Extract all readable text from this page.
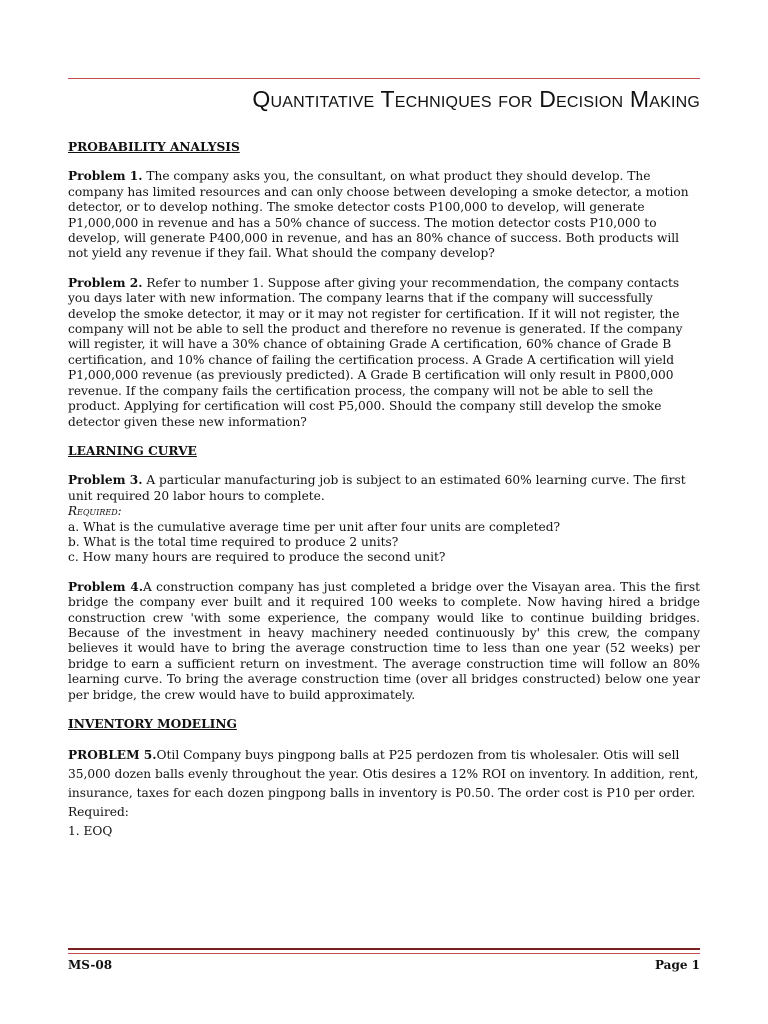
Quantitative Techniques for Decision Making
PROBABILITY ANALYSIS

Problem 1. The company asks you, the consultant, on what product they should develop. The company has limited resources and can only choose between developing a smoke detector, a motion detector, or to develop nothing. The smoke detector costs P100,000 to develop, will generate P1,000,000 in revenue and has a 50% chance of success. The motion detector costs P10,000 to develop, will generate P400,000 in revenue, and has an 80% chance of success. Both products will not yield any revenue if they fail. What should the company develop?

Problem 2. Refer to number 1. Suppose after giving your recommendation, the company contacts you days later with new information. The company learns that if the company will successfully develop the smoke detector, it may or it may not register for certification. If it will not register, the company will not be able to sell the product and therefore no revenue is generated. If the company will register, it will have a 30% chance of obtaining Grade A certification, 60% chance of Grade B certification, and 10% chance of failing the certification process. A Grade A certification will yield P1,000,000 revenue (as previously predicted). A Grade B certification will only result in P800,000 revenue. If the company fails the certification process, the company will not be able to sell the product. Applying for certification will cost P5,000. Should the company still develop the smoke detector given these new information?

LEARNING CURVE

Problem 3. A particular manufacturing job is subject to an estimated 60% learning curve. The first unit required 20 labor hours to complete.
Required:
a. What is the cumulative average time per unit after four units are completed?
b. What is the total time required to produce 2 units?
c. How many hours are required to produce the second unit?

Problem 4.A construction company has just completed a bridge over the Visayan area. This the first bridge the company ever built and it required 100 weeks to complete. Now having hired a bridge construction crew 'with some experience, the company would like to continue building bridges. Because of the investment in heavy machinery needed continuously by' this crew, the company believes it would have to bring the average construction time to less than one year (52 weeks) per bridge to earn a sufficient return on investment. The average construction time will follow an 80% learning curve. To bring the average construction time (over all bridges constructed) below one year per bridge, the crew would have to build approximately.

INVENTORY MODELING

PROBLEM 5.Otil Company buys pingpong balls at P25 perdozen from tis wholesaler. Otis will sell 35,000 dozen balls evenly throughout the year. Otis desires a 12% ROI on inventory. In addition, rent, insurance, taxes for each dozen pingpong balls in inventory is P0.50. The order cost is P10 per order.
Required:
1. EOQ

MS-08	Page 1
